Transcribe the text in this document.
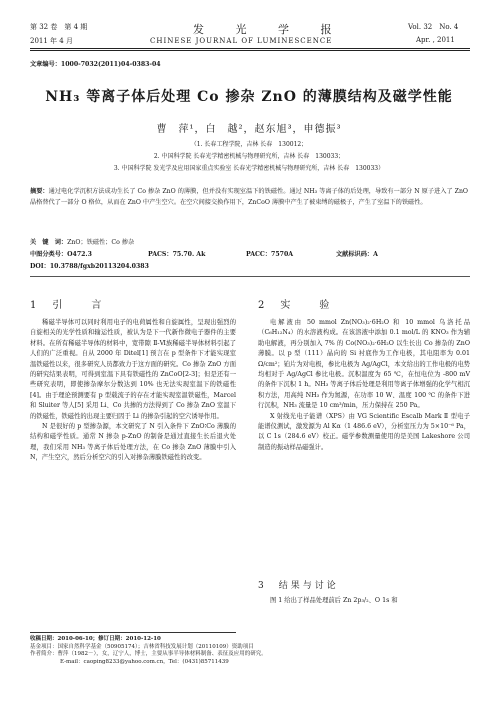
第 32 卷　第 4 期
2011 年 4 月
发 光 学 报
CHINESE JOURNAL OF LUMINESCENCE
Vol. 32　No. 4
Apr. , 2011
文章编号：1000-7032(2011)04-0383-04
NH₃ 等离子体后处理 Co 掺杂 ZnO 的薄膜结构及磁学性能
曹　萍¹，白　越²，赵东旭³，申德振³
（1. 长春工程学院，吉林 长春　130012；
2. 中国科学院 长春光学精密机械与物理研究所，吉林 长春　130033；
3. 中国科学院 发光学及应用国家重点实验室 长春光学精密机械与物理研究所，吉林 长春　130033）
摘要：通过电化学沉积方法成功生长了 Co 掺杂 ZnO 的薄膜，但并没有实现室温下的铁磁性。通过 NH₃ 等离子体的后处理，导致有一部分 N 原子进入了 ZnO 晶格替代了一部分 O 格位，从而在 ZnO 中产生空穴。在空穴间接交换作用下，ZnCoO 薄膜中产生了被束缚的磁极子，产生了室温下的铁磁性。
关　键　词：ZnO；铁磁性；Co 掺杂
中图分类号：O472.3	PACS：75.70. Ak	PACC：7570A	文献标识码：A
DOI：10.3788/fgxb20113204.0383
1　引　　言

稀磁半导体可以同时利用电子的电荷属性和自旋属性，呈现出强烈的自旋相关的光学性质和输运性质，被认为是下一代新作微电子器件的主要材料。在所有稀磁半导体的材料中，宽带隙 Ⅱ-Ⅵ族稀磁半导体材料引起了人们的广泛重视。自从 2000 年 Ditel[1] 预言在 p 型条件下才能实现室温铁磁性以来，很多研究人员都致力于这方面的研究。Co 掺杂 ZnO 方面的研究结果表明，可得到室温下具有铁磁性的 ZnCoO[2-3]；但是还有一些研究表明，即使掺杂摩尔分数达到 10% 也无法实现室温下的铁磁性[4]。由于理论预测要有 p 型载流子的存在才能实现室温铁磁性，Marcel 和 Sluiter 等人[5] 采用 Li、Co 共掺的方法得到了 Co 掺杂 ZnO 室温下的铁磁性，铁磁性的出现主要归因于 Li 的掺杂引起的空穴诱导作用。

N 是很好的 p 型掺杂源，本文研究了 N 引入条件下 ZnO∶Co 薄膜的结构和磁学性质。通常 N 掺杂 p-ZnO 的制备是通过直接生长后退火处理，我们采用 NH₃ 等离子体后处理方法，在 Co 掺杂 ZnO 薄膜中引入 N，产生空穴，然后分析空穴的引入对掺杂薄膜铁磁性的改变。

2　实　　验

电解液由 50 mmol Zn(NO₃)₂·6H₂O 和 10 mmol 乌洛托品（C₆H₁₂N₄）的水溶液构成。在该溶液中添加 0.1 mol/L 的 KNO₃ 作为辅助电解液，再分别加入 7% 的 Co(NO₃)₂·6H₂O 以生长出 Co 掺杂的 ZnO 薄膜。以 p 型（111）晶向的 Si 衬底作为工作电极，其电阻率为 0.01 Ω/cm²；铂片为对电极，参比电极为 Ag/AgCl，本文给出的工作电极的电势均相对于 Ag/AgCl 参比电极。沉积温度为 65 ℃，在恒电位为 -800 mV 的条件下沉积 1 h。NH₃ 等离子体后处理是利用等离子体增强的化学气相沉积方法，用高纯 NH₃ 作为氮源，在功率 10 W、温度 100 ℃ 的条件下进行沉积，NH₃ 流量是 10 cm³/min，压力保持在 250 Pa。

X 射线光电子能谱（XPS）由 VG Scientific Escalb Mark Ⅱ 型电子能谱仪测试，激发源为 Al Kα（1 486.6 eV），分析室压力为 5×10⁻⁶ Pa，以 C 1s（284.6 eV）校正。磁学参数测量使用的是美国 Lakeshore 公司制造的振动样品磁强计。

3　结果与讨论

图 1 给出了样品处理前后 Zn 2p₃/₂、O 1s 和

收稿日期：2010-06-10；修订日期：2010-12-10
基金项目：国家自然科学基金（50905174）；吉林省科技发展计划（20110109）资助项目
作者简介：曹萍（1982－），女，辽宁人，博士，主要从事半导体材料制备、表征及应用的研究。
E-mail：caoping8233@yahoo.com.cn，Tel：(0431)85711439
